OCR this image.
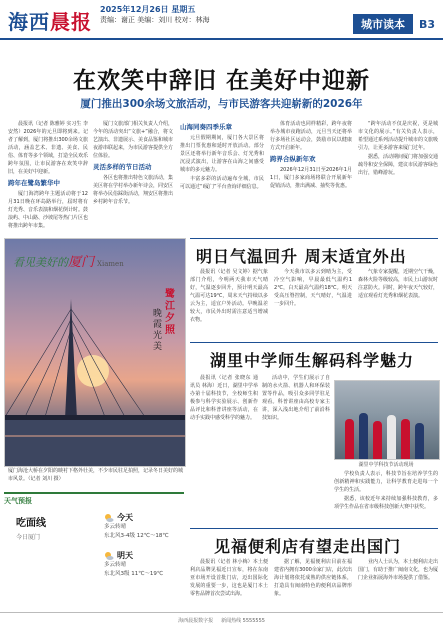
海西晨报
2025年12月26日 星期五
责编：谢正 美编：刘川 校对：林海	城市读本	B3
在欢笑中辞旧 在美好中迎新
厦门推出300余场文旅活动，与市民游客共迎崭新的2026年

晨报讯（记者 陈雅婷 实习生 李安然）2026年的元旦即将到来。记者了解到，厦门将推出300余场文旅活动，涵盖艺术、非遗、美食、民俗、体育等多个领域，打造全民欢乐跨年氛围，让市民游客在欢笑中辞旧，在美好中迎新。

跨年在鹭岛繁华中

厦门海湾跨年主题活动将于12月31日晚在环岛路举行，届时将有灯光秀、音乐表演和烟花倒计时。鼓浪屿、中山路、沙坡尾等热门片区也将推出跨年市集。

厦门文旅部门相关负责人介绍，今年的活动突出“文旅+”融合，将文艺演出、非遗展示、美食品鉴和城市夜游串联起来，为市民游客提供全方位体验。

灵活多样的节日活动

各区也将推出特色文旅活动，集美区将在学村举办新年诗会，同安区将举办民俗踩街活动，翔安区将推出乡村跨年音乐节。

山海同奏四季乐章

元旦假期期间，厦门各大景区将推出门票优惠和延时开放活动。部分景区还将举行新年音乐会、灯光秀和沉浸式演出，让游客在山海之间感受城市的多元魅力。

丰富多彩的活动遍布全城，市民可以通过“i厦门”平台查询详细信息。

体育活动也同样精彩，跨年夜将举办城市夜跑活动，元旦当天还将举行多场社区运动会，鼓励市民以健康方式开启新年。

跨界合纵新年欢

2026年12月31日至2026年1月1日，厦门多家商场将联合开展新年促销活动，推出满减、抽奖等优惠。

“跨年活动不仅是庆祝，更是城市文化的展示。”有关负责人表示，希望通过系列活动提升城市的文旅吸引力，让更多游客来厦门过年。

据悉，活动期间厦门将加强交通疏导和安全保障，建议市民游客绿色出行，错峰游玩。

看见美好的厦门 Xiamen
鹭江夕照
晚霞光美
厦门海沧大桥在夕阳的映衬下格外壮美，不少市民驻足拍照，记录冬日美好的城市风景。（记者 刘川 摄）
天气预报
吃面线
今日厦门
今天
多云转晴
东北风3-4级 12℃～18℃
明天
多云转晴
东北风3级 11℃～19℃
明日气温回升 周末适宜外出

晨报讯（记者 吴文婷）据气象部门介绍，今明两天我市天气晴好，气温逐步回升，预计明天最高气温可达19℃，周末天气持续以多云为主，适宜户外活动。早晚温差较大，市民外出时需注意适当增减衣物。

今天我市以多云到晴为主，受冷空气影响，早晨最低气温约12℃，白天最高气温约18℃。明天受高压脊控制，天气晴好，气温进一步回升。

气象专家提醒，近期空气干燥，森林火险等级较高，市民上山游玩时注意防火。同时，跨年夜天气较好，适宜观看灯光秀和烟花表演。

湖里中学师生解码科学魅力

晨报讯（记者 张晓东 通讯员 林海）近日，湖里中学举办第十届科技节，全校师生积极参与科学实验展示、创新作品评比和科普讲座等活动，在动手实践中感受科学的魅力。

活动中，学生们展示了自制的水火箭、机器人和环保装置等作品，吸引众多同学驻足观看。科普讲座由高校专家主讲，深入浅出地介绍了前沿科技知识。

湖里中学科技节活动现场

学校负责人表示，科技节旨在培养学生的创新精神和实践能力，让科学教育走进每一个学生的生活。

据悉，该校近年来持续加强科技教育，多项学生作品在省市级科技创新大赛中获奖。

见福便利店有望走出国门

晨报讯（记者 林小梅）本土便利店品牌见福近日宣布，将在东南亚市场开设首批门店，迈出国际化发展的重要一步，这也是厦门本土零售品牌首次尝试出海。

据了解，见福便利店目前在福建省内拥有3000余家门店，此次出海计划将依托成熟的供应链体系，打造具有闽南特色的便利店品牌形象。

业内人士认为，本土便利店走出国门，有助于推广闽南文化，也为厦门企业拓展海外市场提供了借鉴。

海西晨报数字报 新闻热线 5555555
